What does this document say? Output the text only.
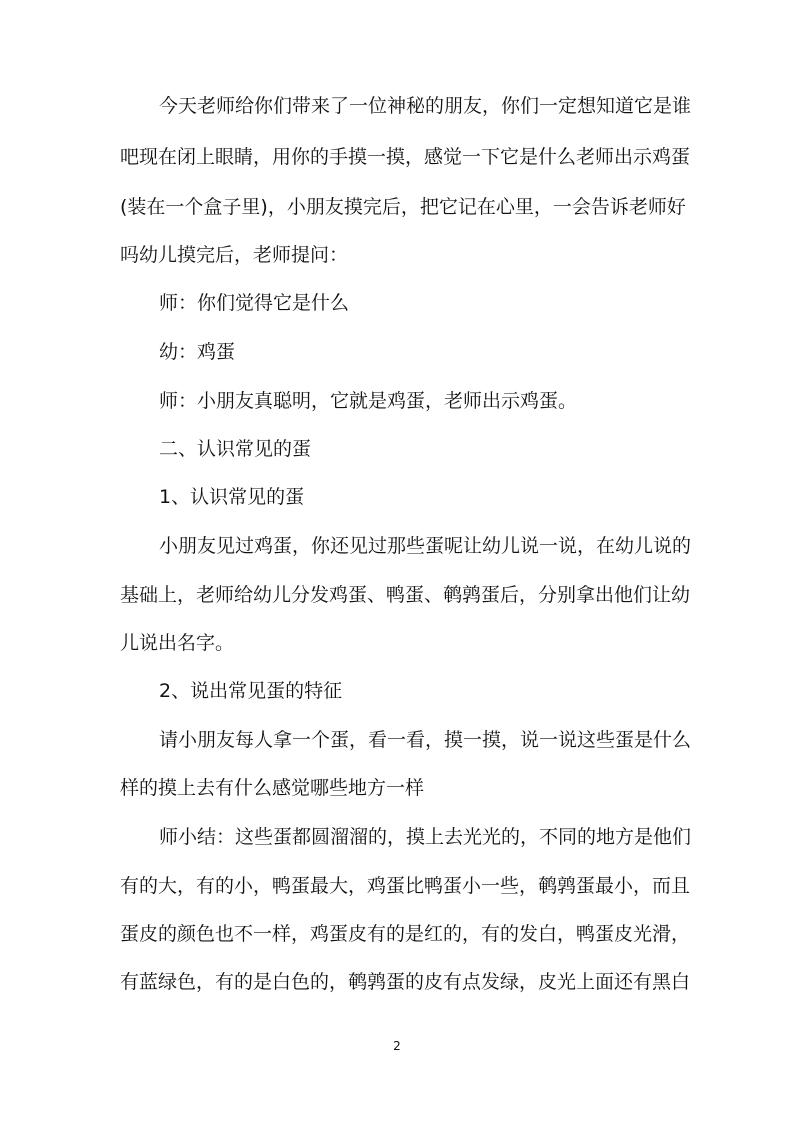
今天老师给你们带来了一位神秘的朋友，你们一定想知道它是谁
吧现在闭上眼睛，用你的手摸一摸，感觉一下它是什么老师出示鸡蛋
(装在一个盒子里)，小朋友摸完后，把它记在心里，一会告诉老师好
吗幼儿摸完后，老师提问：
师：你们觉得它是什么
幼：鸡蛋
师：小朋友真聪明，它就是鸡蛋，老师出示鸡蛋。
二、认识常见的蛋
1、认识常见的蛋
小朋友见过鸡蛋，你还见过那些蛋呢让幼儿说一说，在幼儿说的
基础上，老师给幼儿分发鸡蛋、鸭蛋、鹌鹑蛋后，分别拿出他们让幼
儿说出名字。
2、说出常见蛋的特征
请小朋友每人拿一个蛋，看一看，摸一摸，说一说这些蛋是什么
样的摸上去有什么感觉哪些地方一样
师小结：这些蛋都圆溜溜的，摸上去光光的，不同的地方是他们
有的大，有的小，鸭蛋最大，鸡蛋比鸭蛋小一些，鹌鹑蛋最小，而且
蛋皮的颜色也不一样，鸡蛋皮有的是红的，有的发白，鸭蛋皮光滑，
有蓝绿色，有的是白色的，鹌鹑蛋的皮有点发绿，皮光上面还有黑白
2
